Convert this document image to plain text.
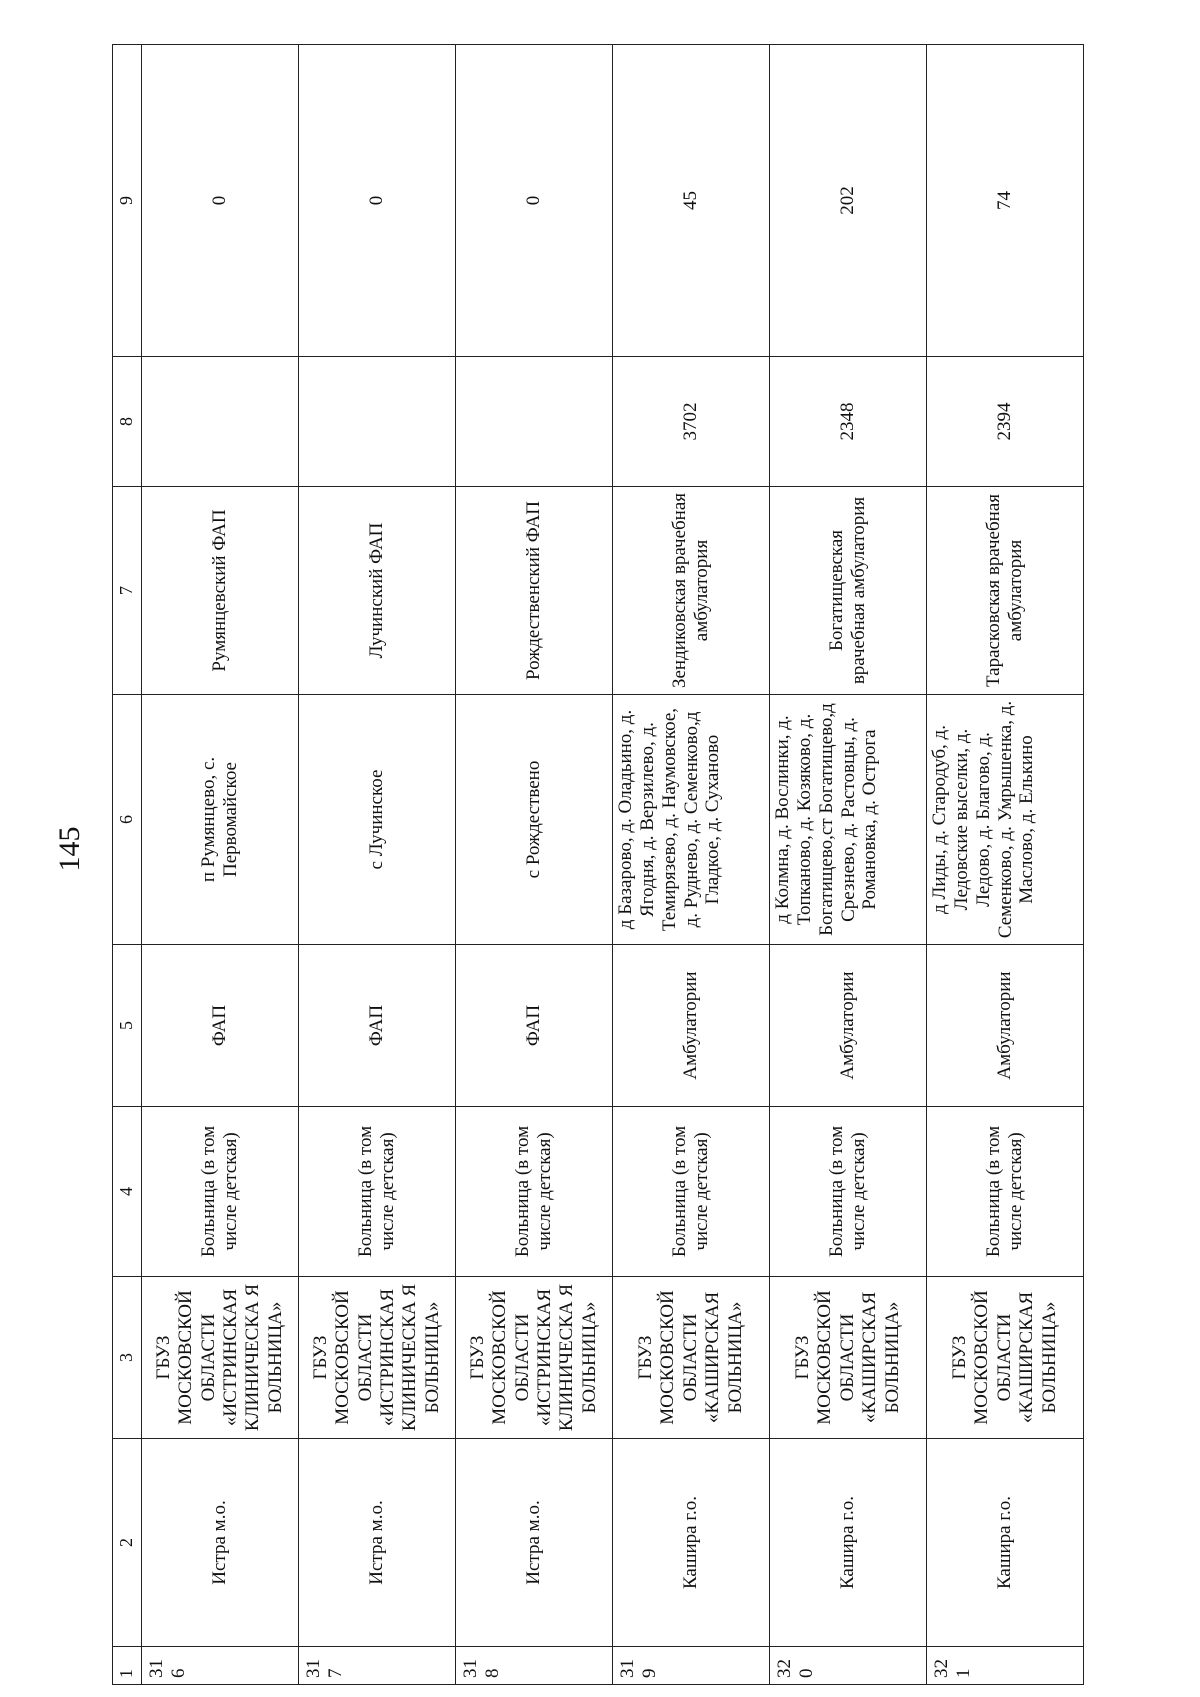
145
1	2	3	4	5	6	7	8	9
316	Истра м.о.	ГБУЗ МОСКОВСКОЙ ОБЛАСТИ «ИСТРИНСКАЯ КЛИНИЧЕСКА Я БОЛЬНИЦА»	Больница (в том числе детская)	ФАП	п Румянцево, с. Первомайское	Румянцевский ФАП		0
317	Истра м.о.	ГБУЗ МОСКОВСКОЙ ОБЛАСТИ «ИСТРИНСКАЯ КЛИНИЧЕСКА Я БОЛЬНИЦА»	Больница (в том числе детская)	ФАП	с Лучинское	Лучинский ФАП		0
318	Истра м.о.	ГБУЗ МОСКОВСКОЙ ОБЛАСТИ «ИСТРИНСКАЯ КЛИНИЧЕСКА Я БОЛЬНИЦА»	Больница (в том числе детская)	ФАП	с Рождествено	Рождественский ФАП		0
319	Кашира г.о.	ГБУЗ МОСКОВСКОЙ ОБЛАСТИ «КАШИРСКАЯ БОЛЬНИЦА»	Больница (в том числе детская)	Амбулатории	д Базарово, д. Оладьино, д. Ягодня, д. Верзилево, д. Темирязево, д. Наумовское, д. Руднево, д. Семенково,д Гладкое, д. Суханово	Зендиковская врачебная амбулатория	3702	45
320	Кашира г.о.	ГБУЗ МОСКОВСКОЙ ОБЛАСТИ «КАШИРСКАЯ БОЛЬНИЦА»	Больница (в том числе детская)	Амбулатории	д Колмна, д. Вослинки, д. Топканово, д. Козяково, д. Богатищево,ст Богатищево,д Срезнево, д. Растовцы, д. Романовка, д. Острога	Богатищевская врачебная амбулатория	2348	202
321	Кашира г.о.	ГБУЗ МОСКОВСКОЙ ОБЛАСТИ «КАШИРСКАЯ БОЛЬНИЦА»	Больница (в том числе детская)	Амбулатории	д Лиды, д. Стародуб, д. Ледовские выселки, д. Ледово, д. Благово, д. Семенково, д. Умрышенка, д. Маслово, д. Елькино	Тарасковская врачебная амбулатория	2394	74
